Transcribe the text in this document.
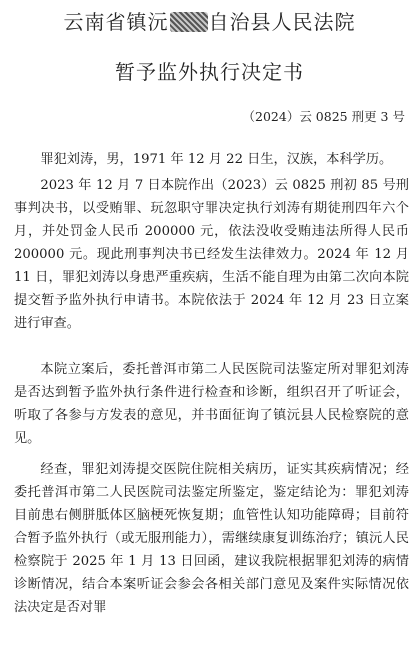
云南省镇沅 自治县人民法院
暂予监外执行决定书
（2024）云 0825 刑更 3 号
罪犯刘涛，男，1971 年 12 月 22 日生，汉族，本科学历。
2023 年 12 月 7 日本院作出（2023）云 0825 刑初 85 号刑事判决书，以受贿罪、玩忽职守罪决定执行刘涛有期徒刑四年六个月，并处罚金人民币 200000 元，依法没收受贿违法所得人民币 200000 元。现此刑事判决书已经发生法律效力。2024 年 12 月 11 日，罪犯刘涛以身患严重疾病，生活不能自理为由第二次向本院提交暂予监外执行申请书。本院依法于 2024 年 12 月 23 日立案进行审查。
本院立案后，委托普洱市第二人民医院司法鉴定所对罪犯刘涛是否达到暂予监外执行条件进行检查和诊断，组织召开了听证会，听取了各参与方发表的意见，并书面征询了镇沅县人民检察院的意见。
经查，罪犯刘涛提交医院住院相关病历，证实其疾病情况；经委托普洱市第二人民医院司法鉴定所鉴定，鉴定结论为：罪犯刘涛目前患右侧胼胝体区脑梗死恢复期；血管性认知功能障碍；目前符合暂予监外执行（或无服刑能力），需继续康复训练治疗；镇沅人民检察院于 2025 年 1 月 13 日回函，建议我院根据罪犯刘涛的病情诊断情况，结合本案听证会参会各相关部门意见及案件实际情况依法决定是否对罪
